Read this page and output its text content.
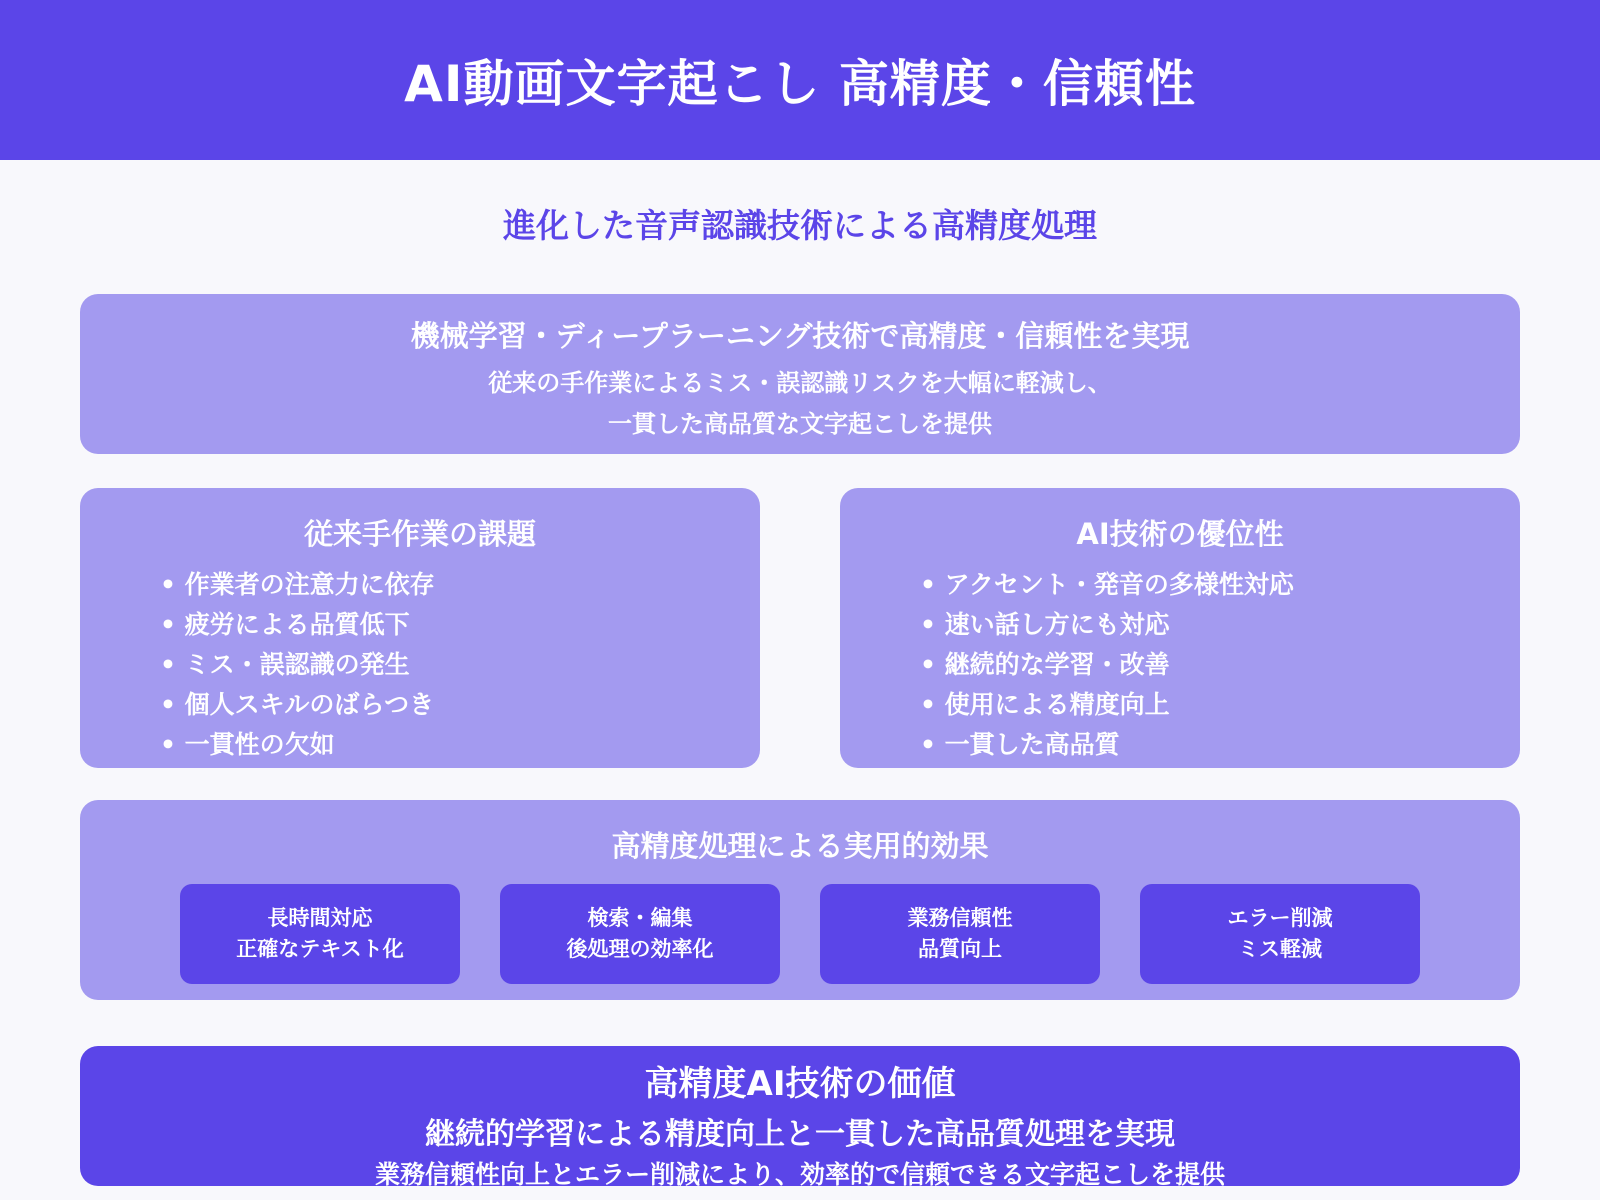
AI動画文字起こし 高精度・信頼性
進化した音声認識技術による高精度処理
機械学習・ディープラーニング技術で高精度・信頼性を実現
従来の手作業によるミス・誤認識リスクを大幅に軽減し、
一貫した高品質な文字起こしを提供
従来手作業の課題
• 作業者の注意力に依存
• 疲労による品質低下
• ミス・誤認識の発生
• 個人スキルのばらつき
• 一貫性の欠如
AI技術の優位性
• アクセント・発音の多様性対応
• 速い話し方にも対応
• 継続的な学習・改善
• 使用による精度向上
• 一貫した高品質
高精度処理による実用的効果
長時間対応
正確なテキスト化
検索・編集
後処理の効率化
業務信頼性
品質向上
エラー削減
ミス軽減
高精度AI技術の価値
継続的学習による精度向上と一貫した高品質処理を実現
業務信頼性向上とエラー削減により、効率的で信頼できる文字起こしを提供
